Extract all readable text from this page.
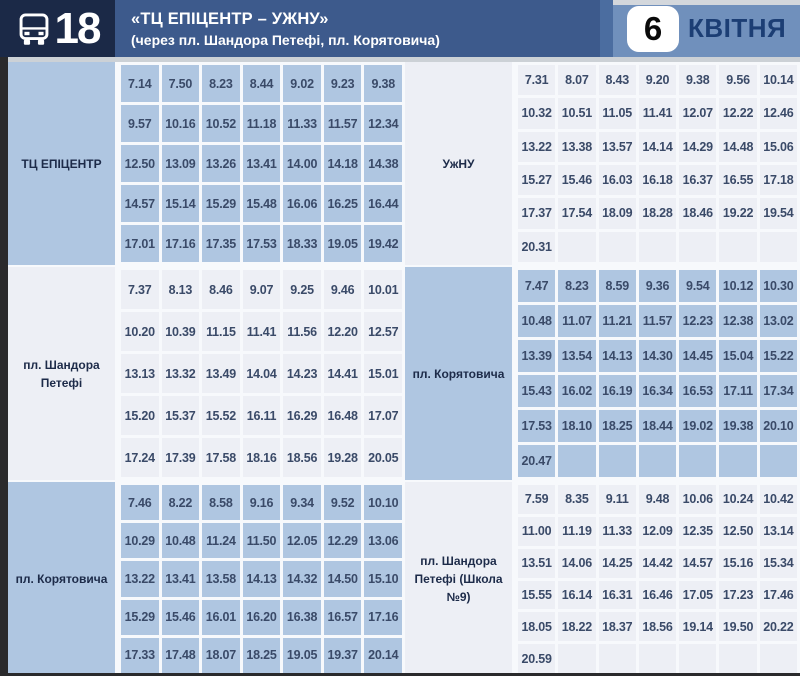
18 «ТЦ ЕПІЦЕНТР – УЖНУ»
(через пл. Шандора Петефі, пл. Корятовича)	6 КВІТНЯ
ТЦ ЕПІЦЕНТР
7.14	7.50	8.23	8.44	9.02	9.23	9.38
9.57	10.16 10.52 11.18 11.33 11.57 12.34
12.50 13.09 13.26 13.41 14.00 14.18 14.38
14.57 15.14 15.29 15.48 16.06 16.25 16.44
17.01 17.16 17.35 17.53 18.33 19.05 19.42
пл. Шандора Петефі
7.37	8.13	8.46	9.07	9.25	9.46	10.01
10.20 10.39 11.15 11.41 11.56 12.20 12.57
13.13 13.32 13.49 14.04 14.23 14.41 15.01
15.20 15.37 15.52 16.11 16.29 16.48 17.07
17.24 17.39 17.58 18.16 18.56 19.28 20.05
пл. Корятовича
7.46	8.22	8.58	9.16	9.34	9.52	10.10
10.29 10.48 11.24 11.50 12.05 12.29 13.06
13.22 13.41 13.58 14.13 14.32 14.50 15.10
15.29 15.46 16.01 16.20 16.38 16.57 17.16
17.33 17.48 18.07 18.25 19.05 19.37 20.14
УжНУ
7.31	8.07	8.43	9.20	9.38	9.56	10.14
10.32 10.51 11.05 11.41 12.07 12.22 12.46
13.22 13.38 13.57 14.14 14.29 14.48 15.06
15.27 15.46 16.03 16.18 16.37 16.55 17.18
17.37 17.54 18.09 18.28 18.46 19.22 19.54
20.31
пл. Корятовича
7.47	8.23	8.59	9.36	9.54	10.12 10.30
10.48 11.07 11.21 11.57 12.23 12.38 13.02
13.39 13.54 14.13 14.30 14.45 15.04 15.22
15.43 16.02 16.19 16.34 16.53 17.11 17.34
17.53 18.10 18.25 18.44 19.02 19.38 20.10
20.47
пл. Шандора Петефі (Школа №9)
7.59	8.35	9.11	9.48	10.06 10.24 10.42
11.00 11.19 11.33 12.09 12.35 12.50 13.14
13.51 14.06 14.25 14.42 14.57 15.16 15.34
15.55 16.14 16.31 16.46 17.05 17.23 17.46
18.05 18.22 18.37 18.56 19.14 19.50 20.22
20.59
